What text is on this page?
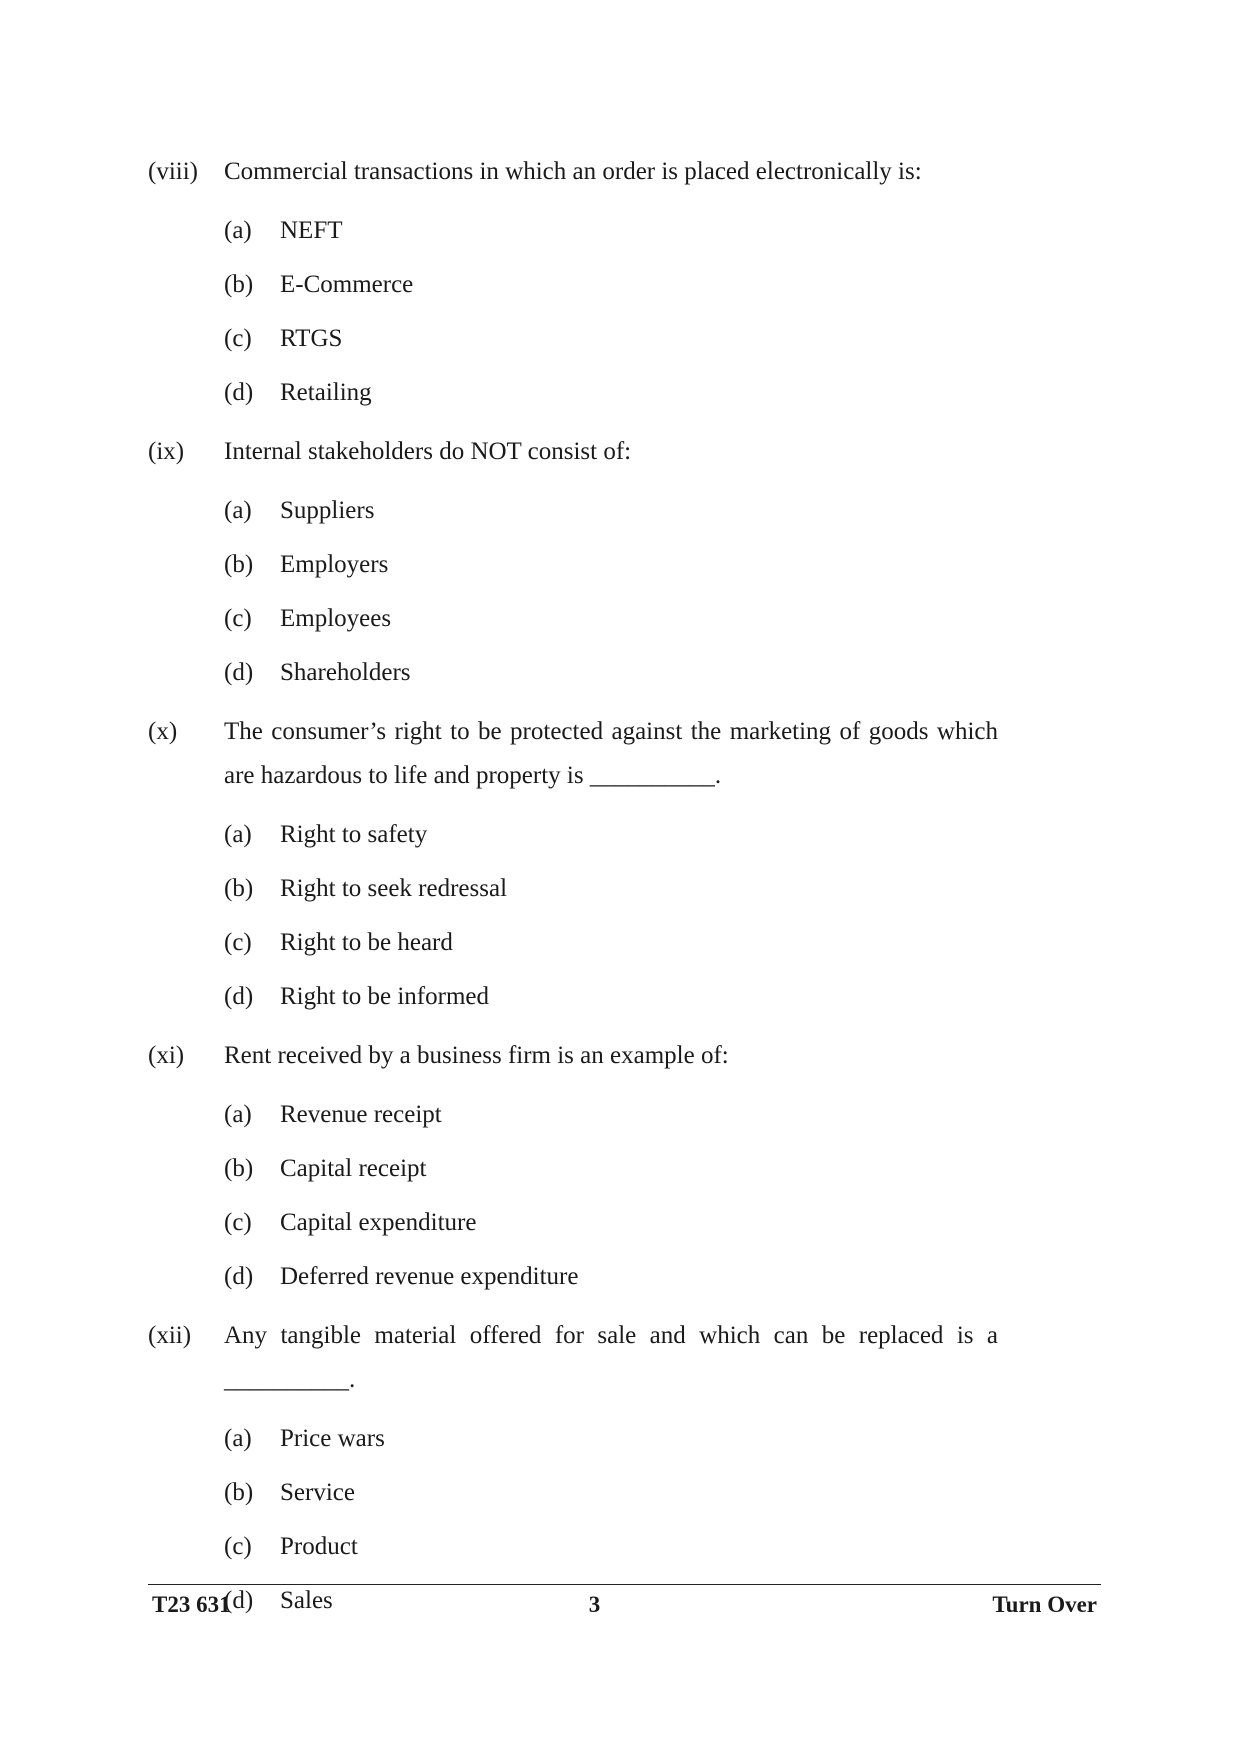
(viii)	Commercial transactions in which an order is placed electronically is:
(a)	NEFT
(b)	E-Commerce
(c)	RTGS
(d)	Retailing
(ix)	Internal stakeholders do NOT consist of:
(a)	Suppliers
(b)	Employers
(c)	Employees
(d)	Shareholders
(x)	The consumer’s right to be protected against the marketing of goods which
are hazardous to life and property is __________.
(a)	Right to safety
(b)	Right to seek redressal
(c)	Right to be heard
(d)	Right to be informed
(xi)	Rent received by a business firm is an example of:
(a)	Revenue receipt
(b)	Capital receipt
(c)	Capital expenditure
(d)	Deferred revenue expenditure
(xii)	Any tangible material offered for sale and which can be replaced is a
__________.
(a)	Price wars
(b)	Service
(c)	Product
(d)	Sales
T23 631	3	Turn Over
